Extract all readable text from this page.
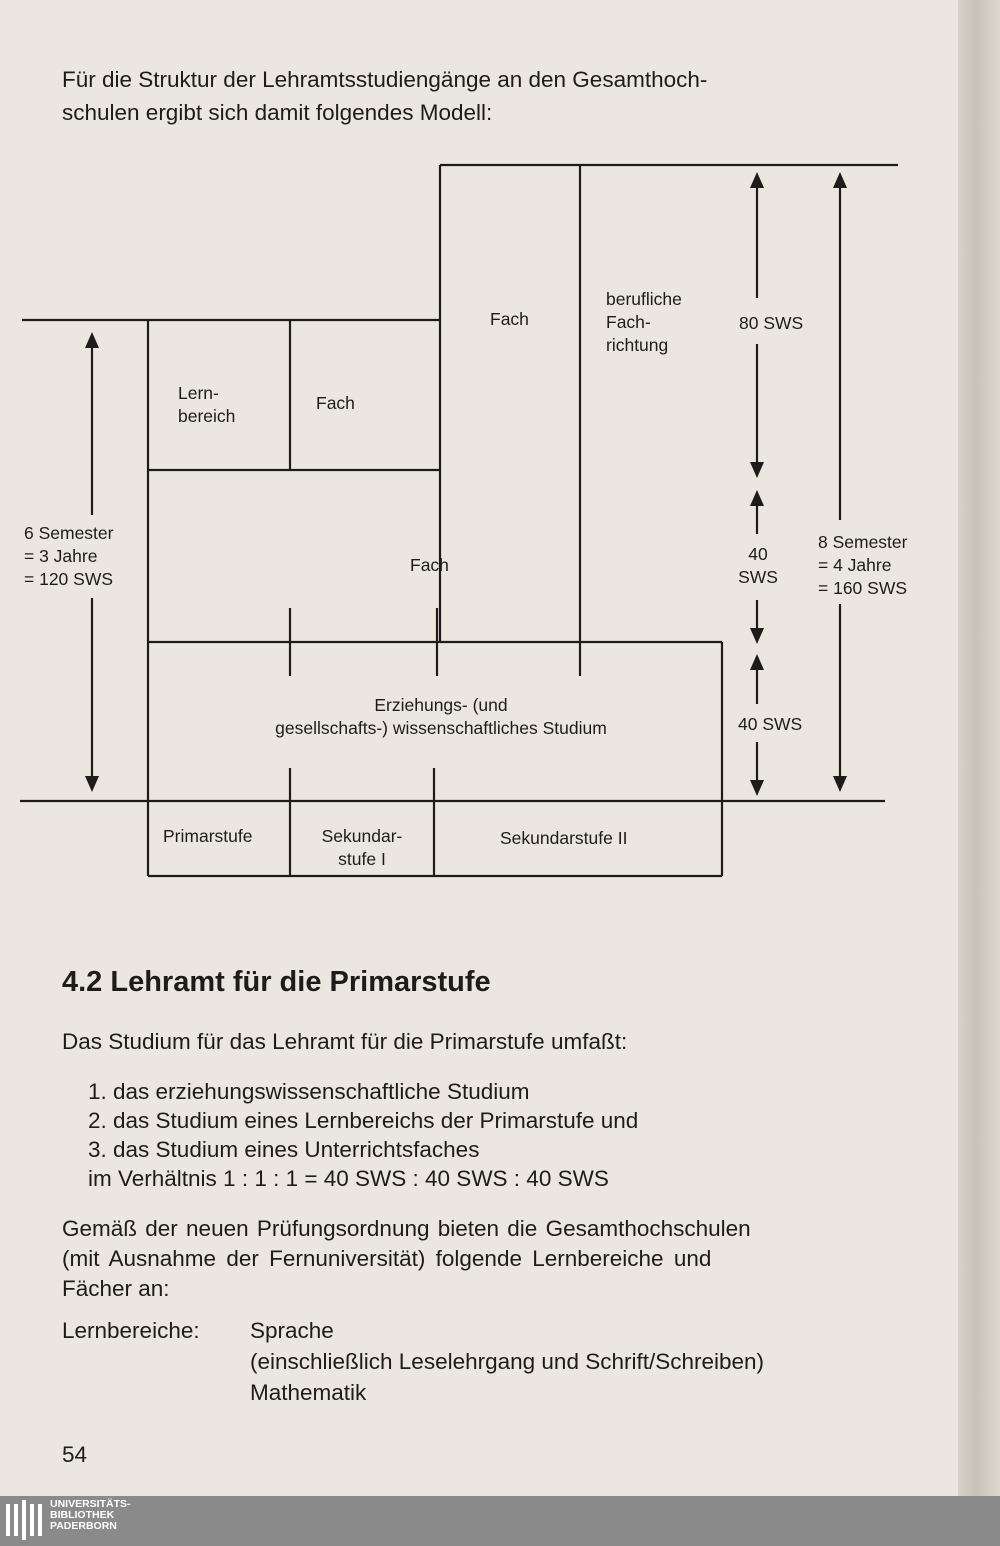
Für die Struktur der Lehramtsstudiengänge an den Gesamthoch-

schulen ergibt sich damit folgendes Modell:

Fach
berufliche
Fach-
richtung
80 SWS
Lern-
bereich
Fach
6 Semester
= 3 Jahre
= 120 SWS
Fach
40
SWS
8 Semester
= 4 Jahre
= 160 SWS
Erziehungs- (und
gesellschafts-) wissenschaftliches Studium	40 SWS
Primarstufe	Sekundar-
stufe I
Sekundarstufe II
4.2 Lehramt für die Primarstufe

Das Studium für das Lehramt für die Primarstufe umfaßt:

1. das erziehungswissenschaftliche Studium

2. das Studium eines Lernbereichs der Primarstufe und

3. das Studium eines Unterrichtsfaches

im Verhältnis 1 : 1 : 1 = 40 SWS : 40 SWS : 40 SWS

Gemäß der neuen Prüfungsordnung bieten die Gesamthochschulen

(mit Ausnahme der Fernuniversität) folgende Lernbereiche und

Fächer an:

Lernbereiche: Sprache

(einschließlich Leselehrgang und Schrift/Schreiben)

Mathematik

54

UNIVERSITÄTS-
BIBLIOTHEK
PADERBORN
